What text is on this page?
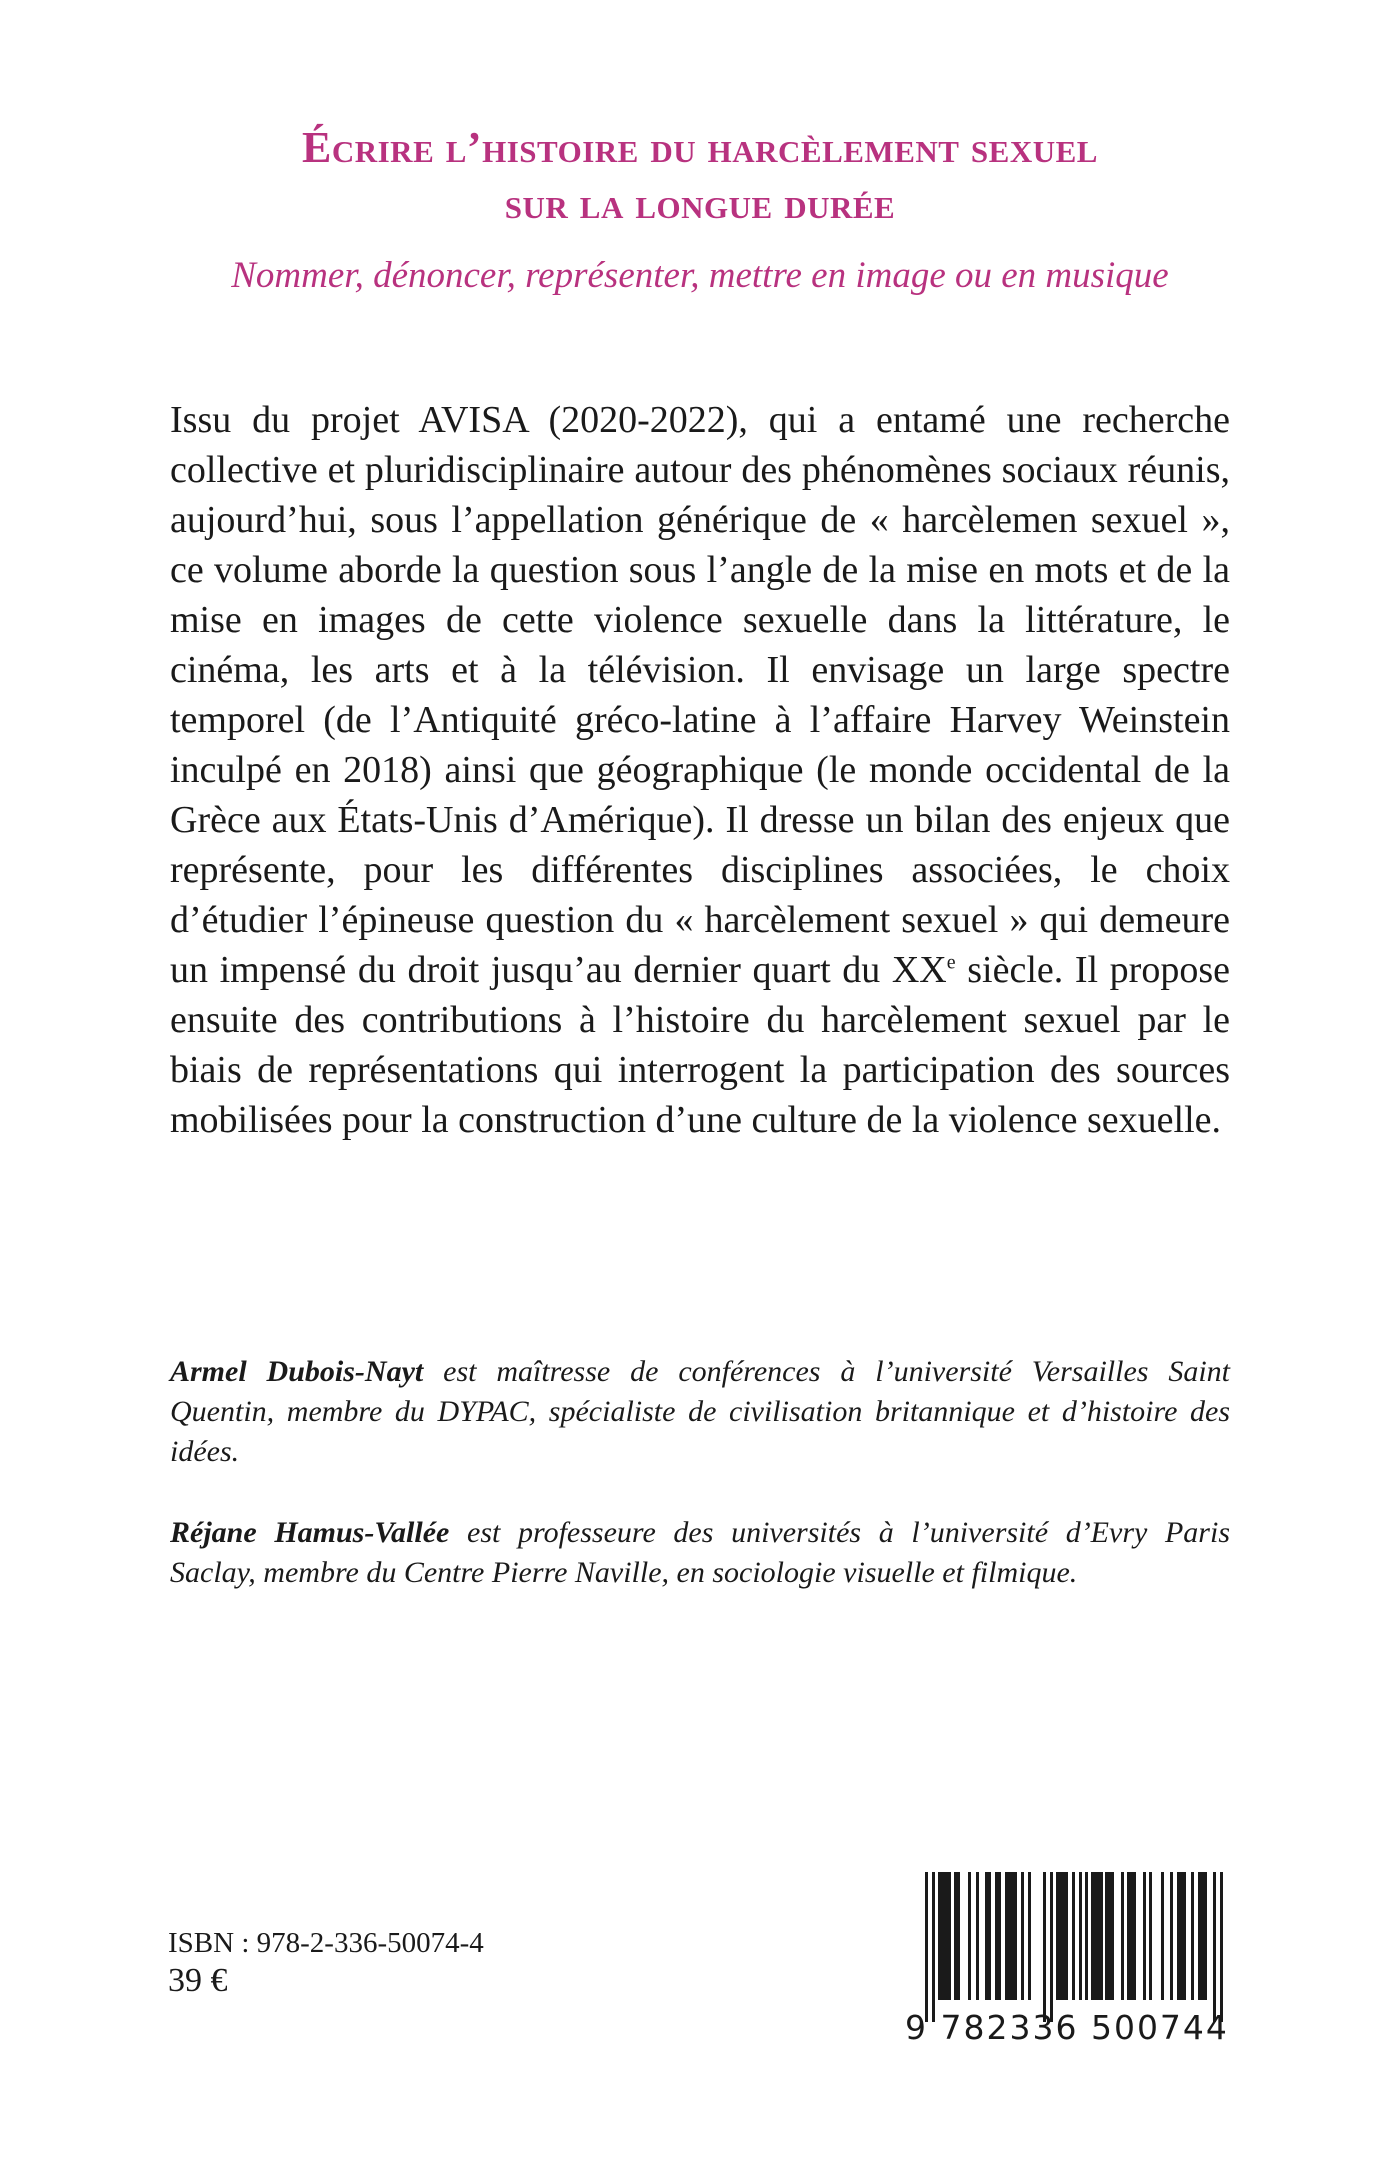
Écrire l’histoire du harcèlement sexuel
sur la longue durée
Nommer, dénoncer, représenter, mettre en image ou en musique

Issu du projet AVISA (2020-2022), qui a entamé une recherche collective et pluridisciplinaire autour des phénomènes sociaux réunis, aujourd’hui, sous l’appellation générique de « harcèlemen sexuel », ce volume aborde la question sous l’angle de la mise en mots et de la mise en images de cette violence sexuelle dans la littérature, le cinéma, les arts et à la télévision. Il envisage un large spectre temporel (de l’Antiquité gréco-latine à l’affaire Harvey Weinstein inculpé en 2018) ainsi que géographique (le monde occidental de la Grèce aux États-Unis d’Amérique). Il dresse un bilan des enjeux que représente, pour les différentes disciplines associées, le choix d’étudier l’épineuse question du « harcèlement sexuel » qui demeure un impensé du droit jusqu’au dernier quart du XXe siècle. Il propose ensuite des contributions à l’histoire du harcèlement sexuel par le biais de représentations qui interrogent la participation des sources mobilisées pour la construction d’une culture de la violence sexuelle.

Armel Dubois-Nayt est maîtresse de conférences à l’université Versailles Saint Quentin, membre du DYPAC, spécialiste de civilisation britannique et d’histoire des idées.

Réjane Hamus-Vallée est professeure des universités à l’université d’Evry Paris Saclay, membre du Centre Pierre Naville, en sociologie visuelle et filmique.

ISBN : 978-2-336-50074-4
39 €
9 782336 500744
